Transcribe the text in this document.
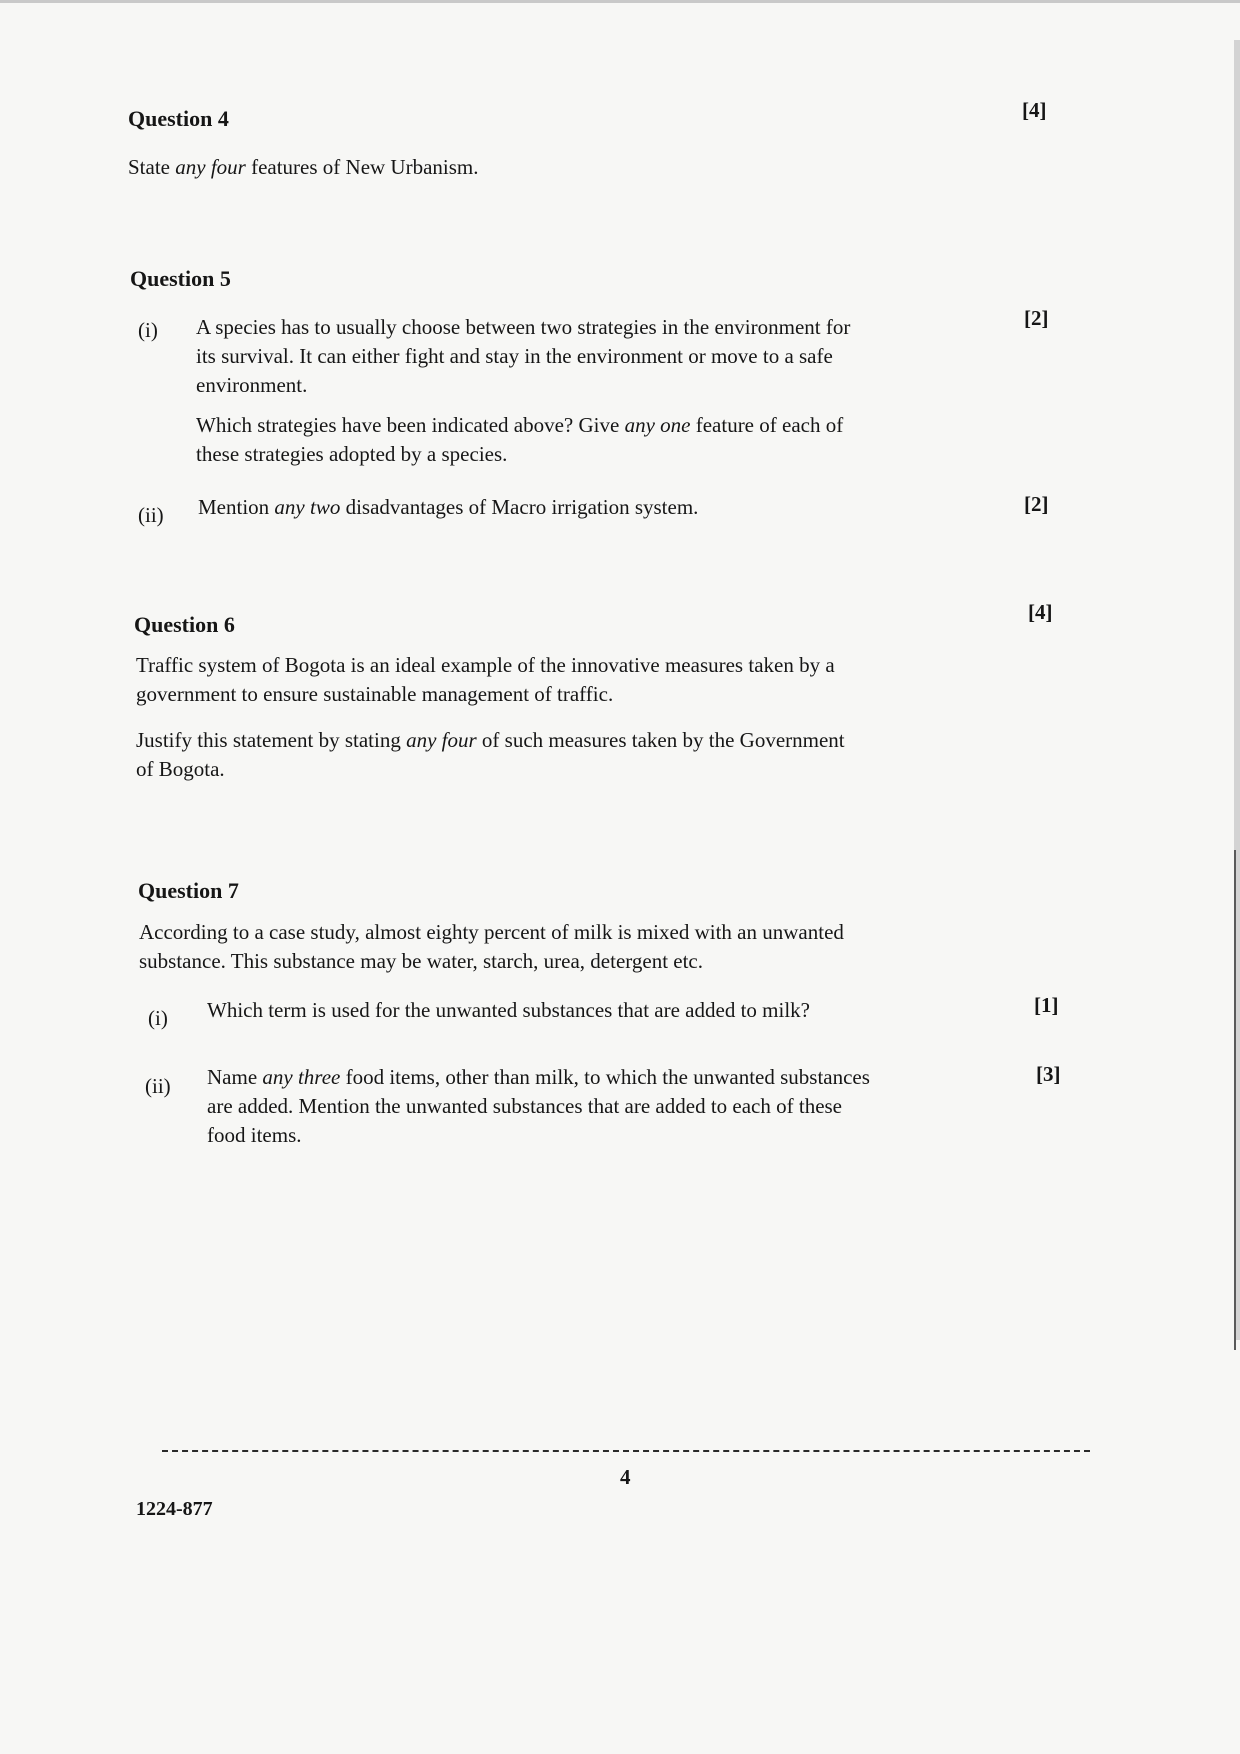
Question 4	[4]
State any four features of New Urbanism.
Question 5
(i)	[2]
A species has to usually choose between two strategies in the environment for
its survival. It can either fight and stay in the environment or move to a safe
environment.
Which strategies have been indicated above? Give any one feature of each of
these strategies adopted by a species.
(ii)	[2]
Mention any two disadvantages of Macro irrigation system.
Question 6	[4]
Traffic system of Bogota is an ideal example of the innovative measures taken by a
government to ensure sustainable management of traffic.
Justify this statement by stating any four of such measures taken by the Government
of Bogota.
Question 7
According to a case study, almost eighty percent of milk is mixed with an unwanted
substance. This substance may be water, starch, urea, detergent etc.
(i)
[1]
Which term is used for the unwanted substances that are added to milk?
(ii)	[3]
Name any three food items, other than milk, to which the unwanted substances
are added. Mention the unwanted substances that are added to each of these
food items.
4
1224-877
